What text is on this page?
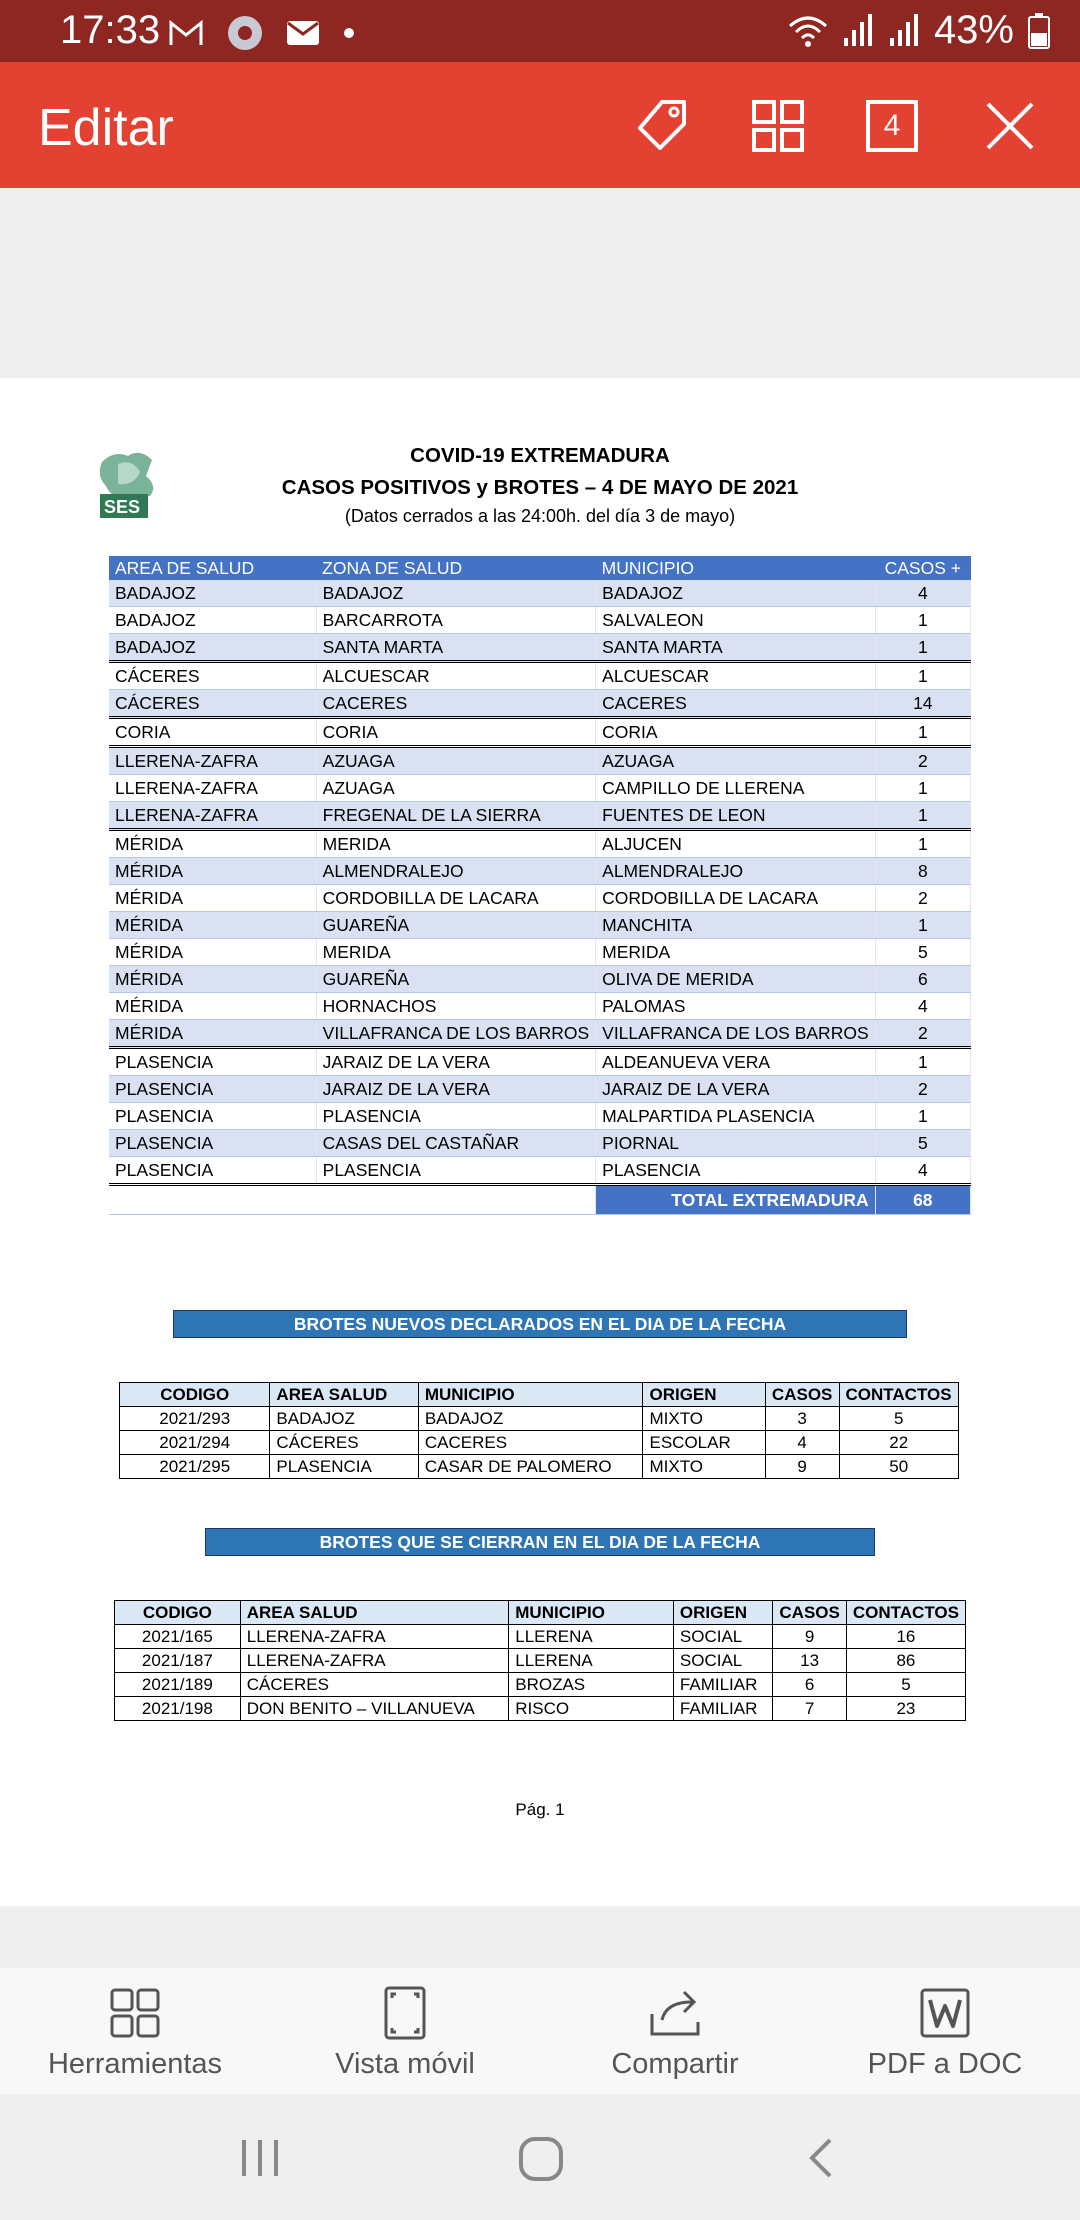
17:33	43%
Editar	4
SES
COVID-19 EXTREMADURA
CASOS POSITIVOS y BROTES – 4 DE MAYO DE 2021
(Datos cerrados a las 24:00h. del día 3 de mayo)
AREA DE SALUD	ZONA DE SALUD	MUNICIPIO	CASOS +
BADAJOZ	BADAJOZ	BADAJOZ	4
BADAJOZ	BARCARROTA	SALVALEON	1
BADAJOZ	SANTA MARTA	SANTA MARTA	1
CÁCERES	ALCUESCAR	ALCUESCAR	1
CÁCERES	CACERES	CACERES	14
CORIA	CORIA	CORIA	1
LLERENA-ZAFRA	AZUAGA	AZUAGA	2
LLERENA-ZAFRA	AZUAGA	CAMPILLO DE LLERENA	1
LLERENA-ZAFRA	FREGENAL DE LA SIERRA	FUENTES DE LEON	1
MÉRIDA	MERIDA	ALJUCEN	1
MÉRIDA	ALMENDRALEJO	ALMENDRALEJO	8
MÉRIDA	CORDOBILLA DE LACARA	CORDOBILLA DE LACARA	2
MÉRIDA	GUAREÑA	MANCHITA	1
MÉRIDA	MERIDA	MERIDA	5
MÉRIDA	GUAREÑA	OLIVA DE MERIDA	6
MÉRIDA	HORNACHOS	PALOMAS	4
MÉRIDA	VILLAFRANCA DE LOS BARROS	VILLAFRANCA DE LOS BARROS	2
PLASENCIA	JARAIZ DE LA VERA	ALDEANUEVA VERA	1
PLASENCIA	JARAIZ DE LA VERA	JARAIZ DE LA VERA	2
PLASENCIA	PLASENCIA	MALPARTIDA PLASENCIA	1
PLASENCIA	CASAS DEL CASTAÑAR	PIORNAL	5
PLASENCIA	PLASENCIA	PLASENCIA	4
		TOTAL EXTREMADURA	68
BROTES NUEVOS DECLARADOS EN EL DIA DE LA FECHA
CODIGO	AREA SALUD	MUNICIPIO	ORIGEN	CASOS	CONTACTOS
2021/293	BADAJOZ	BADAJOZ	MIXTO	3	5
2021/294	CÁCERES	CACERES	ESCOLAR	4	22
2021/295	PLASENCIA	CASAR DE PALOMERO	MIXTO	9	50
BROTES QUE SE CIERRAN EN EL DIA DE LA FECHA
CODIGO	AREA SALUD	MUNICIPIO	ORIGEN	CASOS	CONTACTOS
2021/165	LLERENA-ZAFRA	LLERENA	SOCIAL	9	16
2021/187	LLERENA-ZAFRA	LLERENA	SOCIAL	13	86
2021/189	CÁCERES	BROZAS	FAMILIAR	6	5
2021/198	DON BENITO – VILLANUEVA	RISCO	FAMILIAR	7	23
Pág. 1
Herramientas	Vista móvil	Compartir	PDF a DOC
